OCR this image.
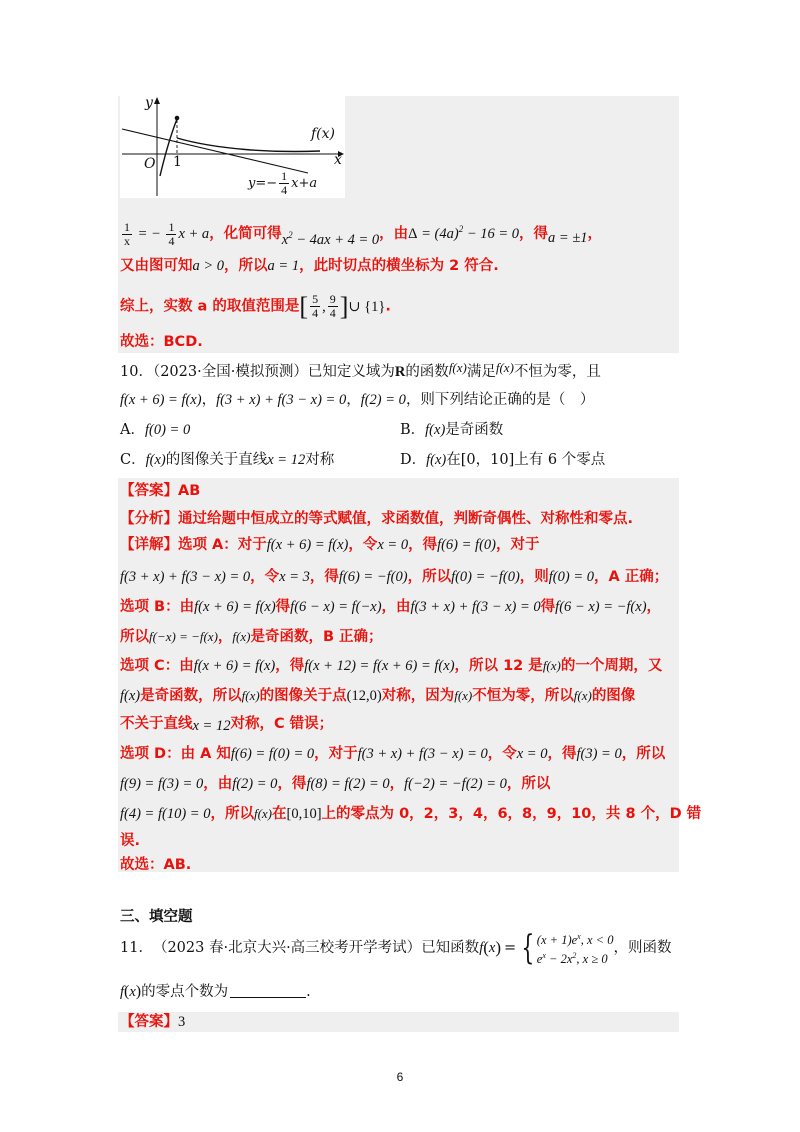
y
O 1	x
f(x)
$y=- \frac{1}{4} x+a$
$\frac{1}{x}$ = − $\frac{1}{4}$ x + a，化简可得$x^2 - 4ax + 4 = 0$，由$\Delta = (4a)^2 - 16 = 0$，得a = ±1，
又由图可知a > 0，所以a = 1，此时切点的横坐标为 2 符合.
综上，实数 a 的取值范围是 [ $\frac{5}{4}$ , $\frac{9}{4}$ ] ∪ {1}.
故选：BCD.
10．（2023·全国·模拟预测）已知定义域为R的函数f(x)满足f(x)不恒为零，且
f(x + 6) = f(x)，f(3 + x) + f(3 − x) = 0，f(2) = 0，则下列结论正确的是（　）
A．f(0) = 0	B．f(x)是奇函数
C．f(x)的图像关于直线x = 12对称	D．f(x)在[0，10]上有 6 个零点
【答案】AB
【分析】通过给题中恒成立的等式赋值，求函数值，判断奇偶性、对称性和零点.
【详解】选项 A：对于f(x + 6) = f(x)，令x = 0，得f(6) = f(0)，对于
f(3 + x) + f(3 − x) = 0，令x = 3，得f(6) = −f(0)，所以f(0) = −f(0)，则f(0) = 0，A 正确；
选项 B：由f(x + 6) = f(x)得f(6 − x) = f(−x)，由f(3 + x) + f(3 − x) = 0得f(6 − x) = −f(x)，
所以f(−x) = −f(x)，f(x)是奇函数，B 正确；
选项 C：由f(x + 6) = f(x)，得f(x + 12) = f(x + 6) = f(x)，所以 12 是f(x)的一个周期，又
f(x)是奇函数，所以f(x)的图像关于点(12,0)对称，因为f(x)不恒为零，所以f(x)的图像
不关于直线x = 12对称，C 错误；
选项 D：由 A 知f(6) = f(0) = 0，对于f(3 + x) + f(3 − x) = 0，令x = 0，得f(3) = 0，所以
f(9) = f(3) = 0，由f(2) = 0，得f(8) = f(2) = 0，f(−2) = −f(2) = 0，所以
f(4) = f(10) = 0，所以f(x)在[0,10]上的零点为 0，2，3，4，6，8，9，10，共 8 个，D 错
误.
故选：AB.
三、填空题
11． （2023 春·北京大兴·高三校考开学考试） 已知函数 f ( x ) = { $(x + 1)e^x$, x < 0
$e^x - 2x^2$, x ≥ 0
，则函数
f(x)的零点个数为	.
【答案】3
6
